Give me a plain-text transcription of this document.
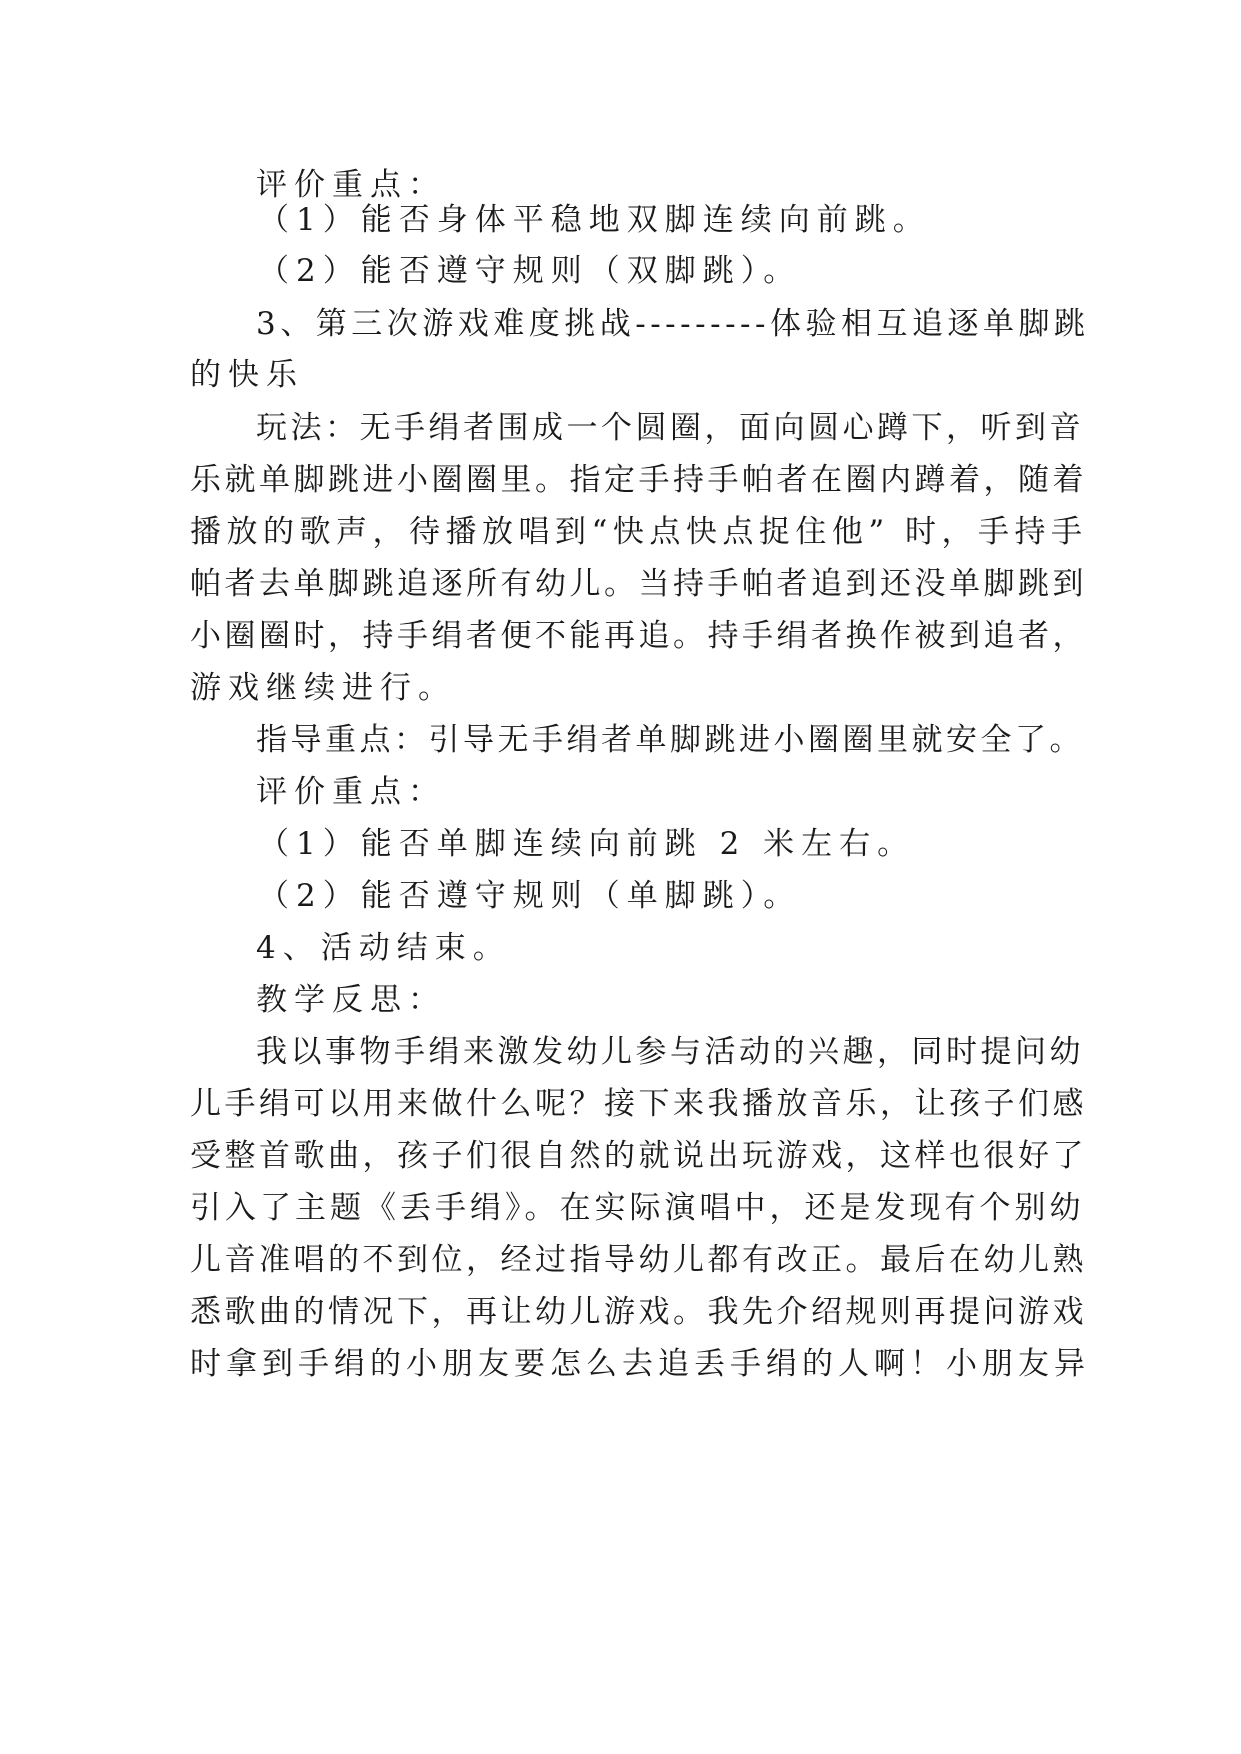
评价重点：
（1）能否身体平稳地双脚连续向前跳。
（2）能否遵守规则（双脚跳）。
3、第三次游戏难度挑战---------体验相互追逐单脚跳
的快乐
玩法：无手绢者围成一个圆圈，面向圆心蹲下，听到音
乐就单脚跳进小圈圈里。指定手持手帕者在圈内蹲着，随着
播放的歌声，待播放唱到“快点快点捉住他” 时，手持手
帕者去单脚跳追逐所有幼儿。当持手帕者追到还没单脚跳到
小圈圈时，持手绢者便不能再追。持手绢者换作被到追者，
游戏继续进行。
指导重点：引导无手绢者单脚跳进小圈圈里就安全了。
评价重点：
（1）能否单脚连续向前跳 2 米左右。
（2）能否遵守规则（单脚跳）。
4、活动结束。
教学反思：
我以事物手绢来激发幼儿参与活动的兴趣，同时提问幼
儿手绢可以用来做什么呢？接下来我播放音乐，让孩子们感
受整首歌曲，孩子们很自然的就说出玩游戏，这样也很好了
引入了主题《丢手绢》。在实际演唱中，还是发现有个别幼
儿音准唱的不到位，经过指导幼儿都有改正。最后在幼儿熟
悉歌曲的情况下，再让幼儿游戏。我先介绍规则再提问游戏
时拿到手绢的小朋友要怎么去追丢手绢的人啊！小朋友异
